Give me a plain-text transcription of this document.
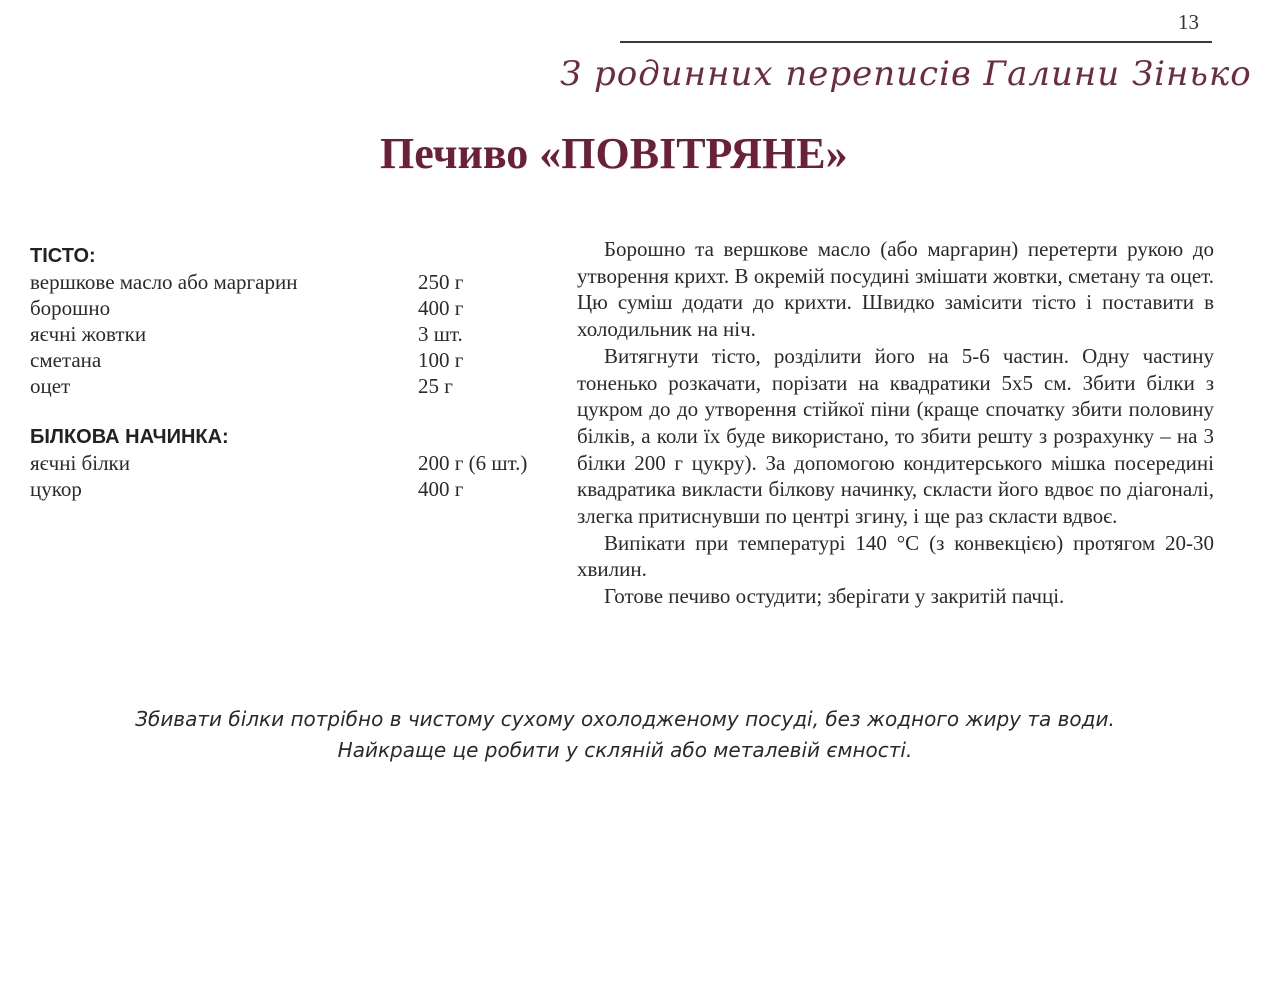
13
З родинних переписів Галини Зінько
Печиво «ПОВІТРЯНЕ»
ТІСТО:
вершкове масло або маргарин	250 г
борошно	400 г
яєчні жовтки	3 шт.
сметана	100 г
оцет	25 г
БІЛКОВА НАЧИНКА:
яєчні білки	200 г (6 шт.)
цукор	400 г

Борошно та вершкове масло (або маргарин) перетерти рукою до утворення крихт. В окремій посудині змішати жовтки, сметану та оцет. Цю суміш додати до крихти. Швидко замісити тісто і поставити в холодильник на ніч.

Витягнути тісто, розділити його на 5-6 частин. Одну частину тоненько розкачати, порізати на квадратики 5х5 см. Збити білки з цукром до до утворення стійкої піни (краще спочатку збити половину білків, а коли їх буде використано, то збити решту з розрахунку – на 3 білки 200 г цукру). За допомогою кондитерського мішка посередині квадратика викласти білкову начинку, скласти його вдвоє по діагоналі, злегка притиснувши по центрі згину, і ще раз скласти вдвоє.

Випікати при температурі 140 °C (з конвекцією) протягом 20-30 хвилин.

Готове печиво остудити; зберігати у закритій пачці.

Збивати білки потрібно в чистому сухому охолодженому посуді, без жодного жиру та води.
Найкраще це робити у скляній або металевій ємності.
